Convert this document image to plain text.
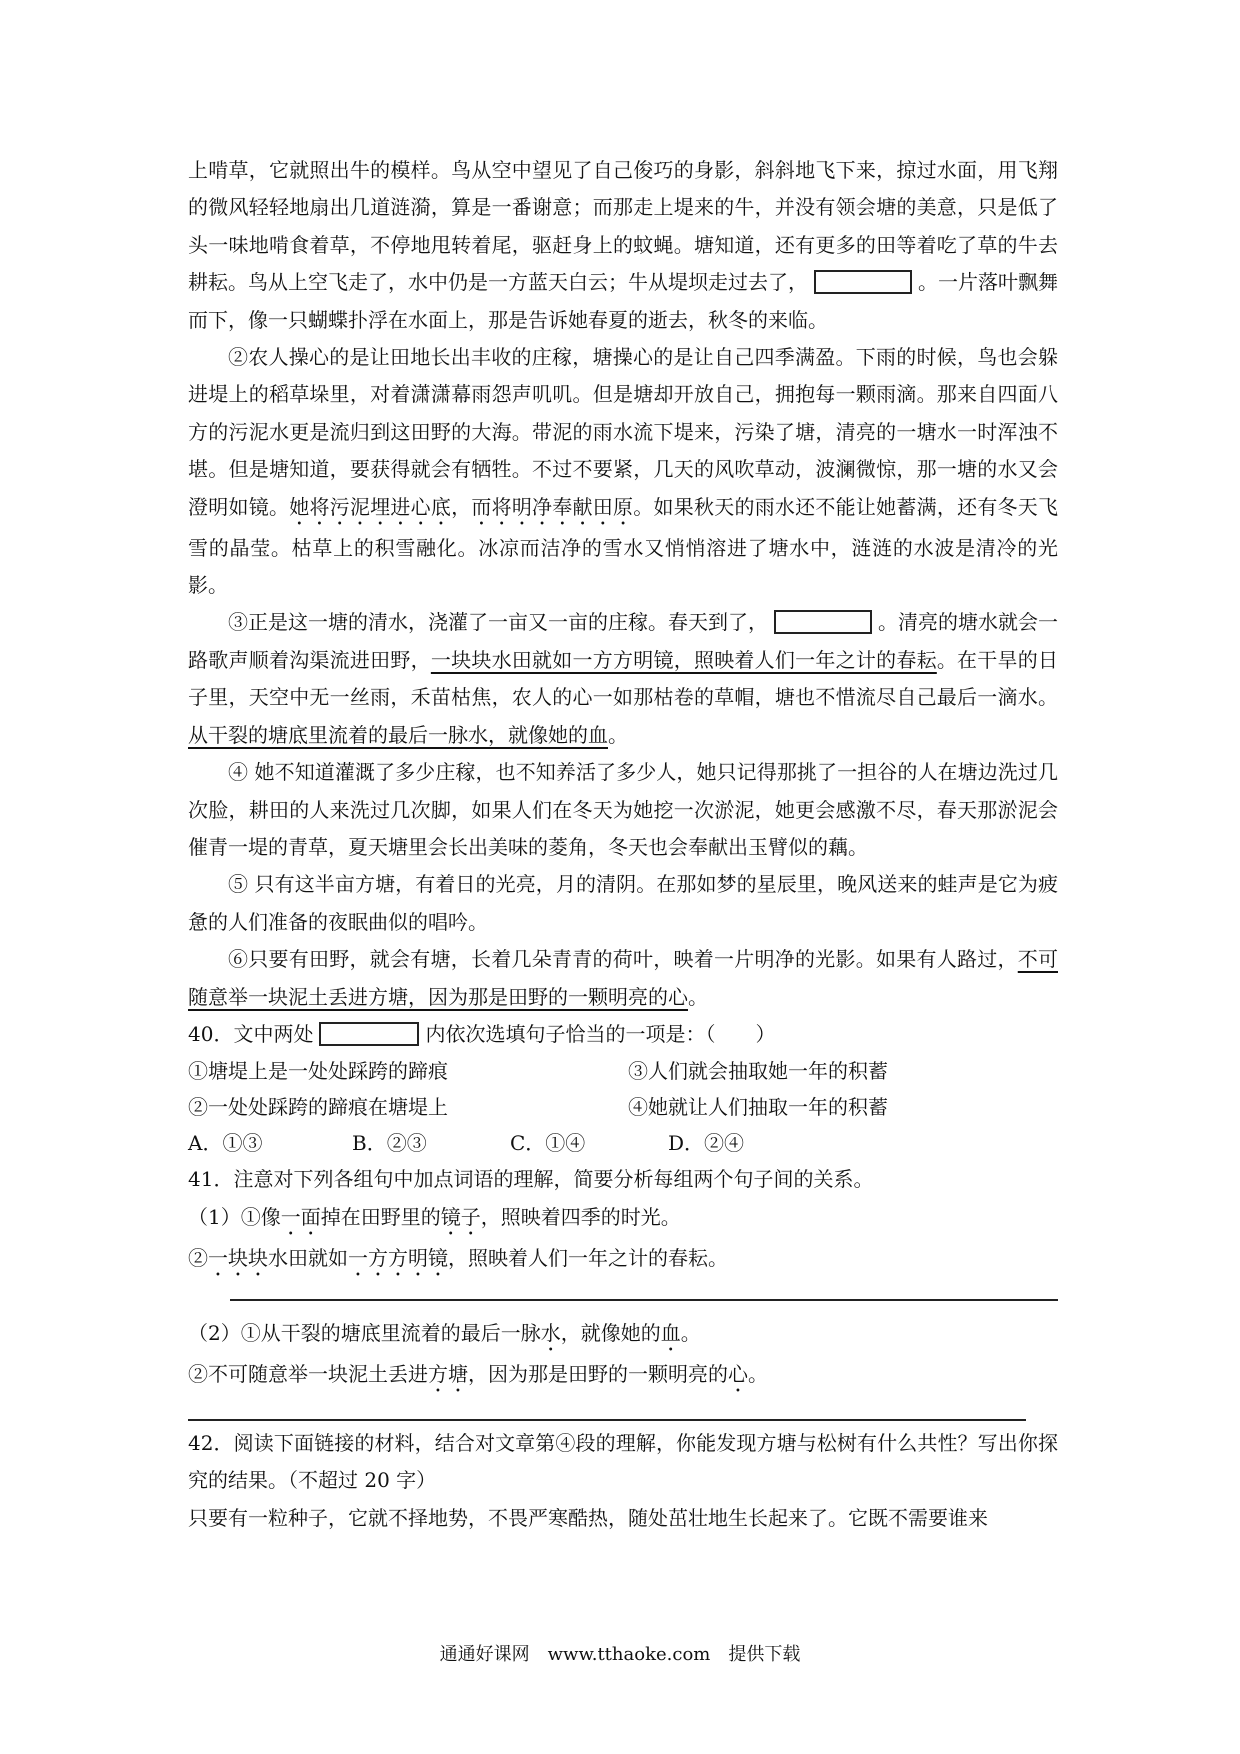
上啃草，它就照出牛的模样。鸟从空中望见了自己俊巧的身影，斜斜地飞下来，掠过水面，用飞翔的微风轻轻地扇出几道涟漪，算是一番谢意；而那走上堤来的牛，并没有领会塘的美意，只是低了头一味地啃食着草，不停地甩转着尾，驱赶身上的蚊蝇。塘知道，还有更多的田等着吃了草的牛去耕耘。鸟从上空飞走了，水中仍是一方蓝天白云；牛从堤坝走过去了，	。一片落叶飘舞而下，像一只蝴蝶扑浮在水面上，那是告诉她春夏的逝去，秋冬的来临。

②农人操心的是让田地长出丰收的庄稼，塘操心的是让自己四季满盈。下雨的时候，鸟也会躲进堤上的稻草垛里，对着潇潇幕雨怨声叽叽。但是塘却开放自己，拥抱每一颗雨滴。那来自四面八方的污泥水更是流归到这田野的大海。带泥的雨水流下堤来，污染了塘，清亮的一塘水一时浑浊不堪。但是塘知道，要获得就会有牺牲。不过不要紧，几天的风吹草动，波澜微惊，那一塘的水又会澄明如镜。她将污泥埋进心底，而将明净奉献田原。如果秋天的雨水还不能让她蓄满，还有冬天飞雪的晶莹。枯草上的积雪融化。冰凉而洁净的雪水又悄悄溶进了塘水中，涟涟的水波是清冷的光影。

③正是这一塘的清水，浇灌了一亩又一亩的庄稼。春天到了，	。清亮的塘水就会一路歌声顺着沟渠流进田野，一块块水田就如一方方明镜，照映着人们一年之计的春耘。在干旱的日子里，天空中无一丝雨，禾苗枯焦，农人的心一如那枯卷的草帽，塘也不惜流尽自己最后一滴水。从干裂的塘底里流着的最后一脉水，就像她的血。

④ 她不知道灌溉了多少庄稼，也不知养活了多少人，她只记得那挑了一担谷的人在塘边洗过几次脸，耕田的人来洗过几次脚，如果人们在冬天为她挖一次淤泥，她更会感激不尽，春天那淤泥会催青一堤的青草，夏天塘里会长出美味的菱角，冬天也会奉献出玉臂似的藕。

⑤ 只有这半亩方塘，有着日的光亮，月的清阴。在那如梦的星辰里，晚风送来的蛙声是它为疲惫的人们准备的夜眠曲似的唱吟。

⑥只要有田野，就会有塘，长着几朵青青的荷叶，映着一片明净的光影。如果有人路过，不可随意举一块泥土丢进方塘，因为那是田野的一颗明亮的心。

40．文中两处	内依次选填句子恰当的一项是：（　　）

①塘堤上是一处处踩跨的蹄痕	③人们就会抽取她一年的积蓄
②一处处踩跨的蹄痕在塘堤上	④她就让人们抽取一年的积蓄
A．①③	B．②③	C．①④	D．②④

41．注意对下列各组句中加点词语的理解，简要分析每组两个句子间的关系。

（1）①像一面掉在田野里的镜子，照映着四季的时光。

②一块块水田就如一方方明镜，照映着人们一年之计的春耘。

（2）①从干裂的塘底里流着的最后一脉水，就像她的血。

②不可随意举一块泥土丢进方塘，因为那是田野的一颗明亮的心。

42．阅读下面链接的材料，结合对文章第④段的理解，你能发现方塘与松树有什么共性？写出你探究的结果。（不超过 20 字）

只要有一粒种子，它就不择地势，不畏严寒酷热，随处茁壮地生长起来了。它既不需要谁来

通通好课网　www.tthaoke.com　提供下载
